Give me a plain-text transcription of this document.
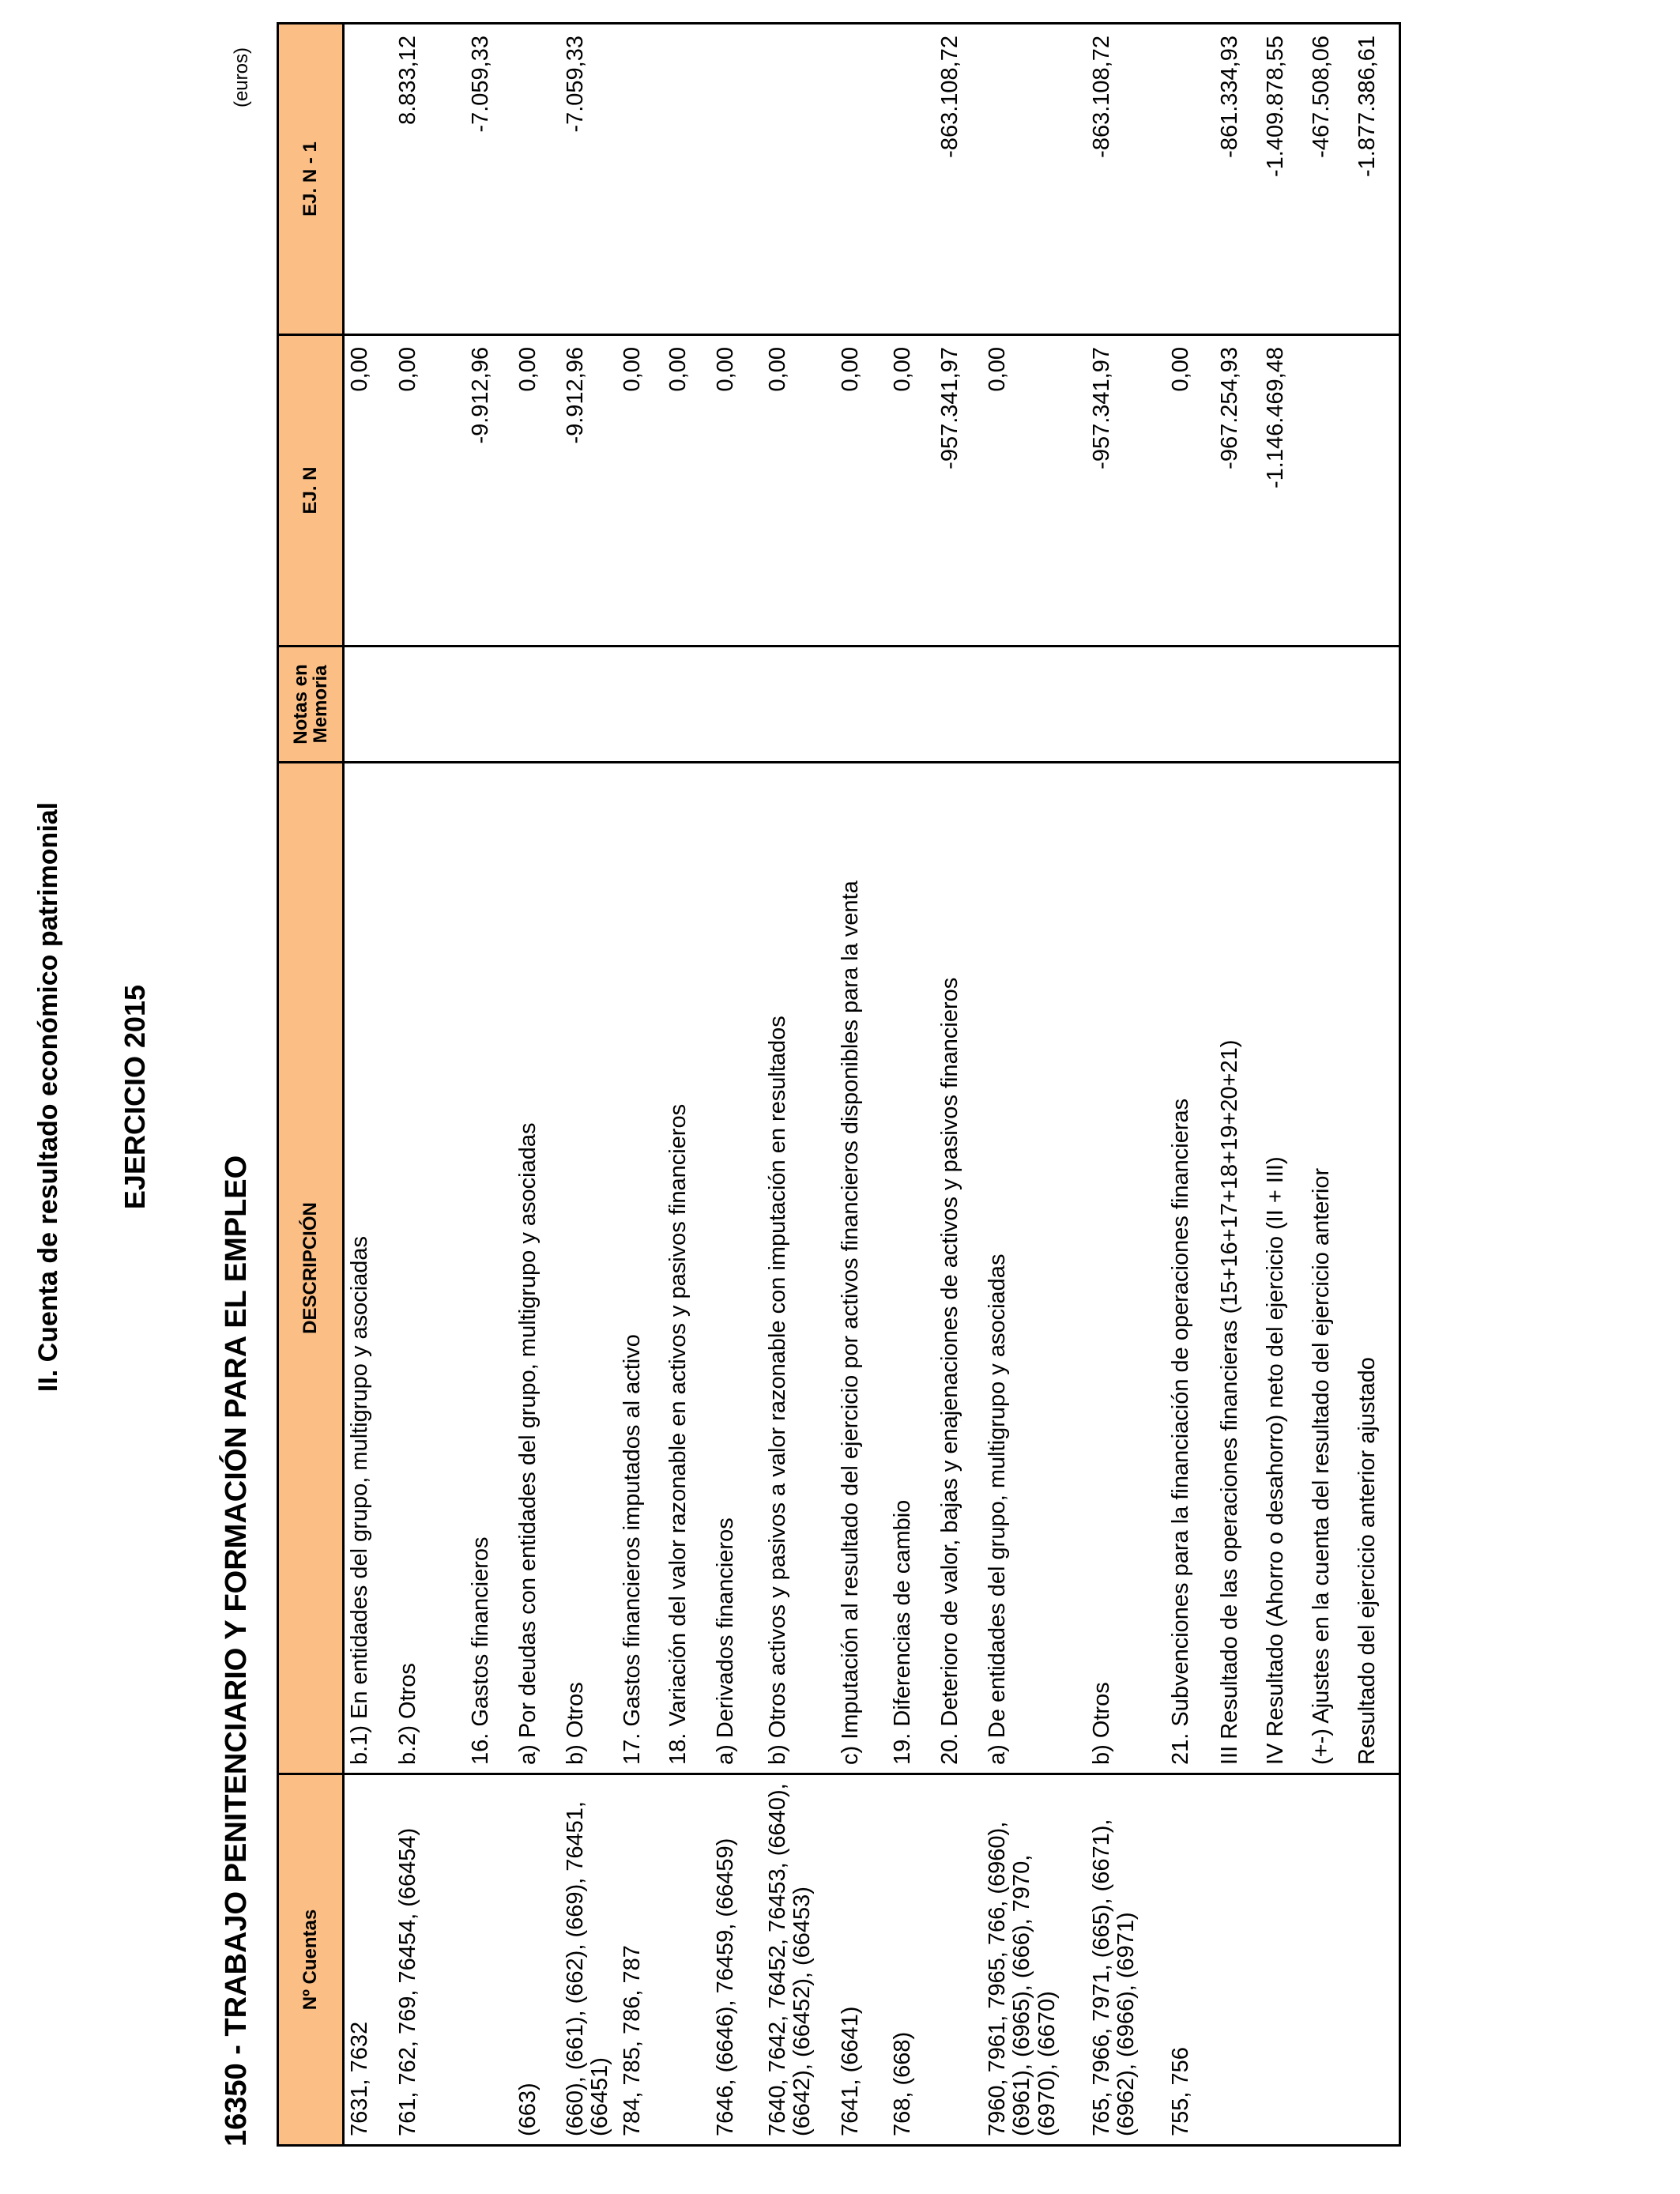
II. Cuenta de resultado económico patrimonial EJERCICIO 2015
16350 - TRABAJO PENITENCIARIO Y FORMACIÓN PARA EL EMPLEO
(euros)
Nº Cuentas	DESCRIPCIÓN	Notas en Memoria	EJ. N	EJ. N - 1
7631, 7632	b.1) En entidades del grupo, multigrupo y asociadas		0,00	
761, 762, 769, 76454, (66454)	b.2) Otros		0,00	8.833,12
	16. Gastos financieros		-9.912,96	-7.059,33
(663)	a) Por deudas con entidades del grupo, multigrupo y asociadas		0,00	
(660), (661), (662), (669), 76451, (66451)	b) Otros		-9.912,96	-7.059,33
784, 785, 786, 787	17. Gastos financieros imputados al activo		0,00	
	18. Variación del valor razonable en activos y pasivos financieros		0,00	
7646, (6646), 76459, (66459)	a) Derivados financieros		0,00	
7640, 7642, 76452, 76453, (6640), (6642), (66452), (66453)	b) Otros activos y pasivos a valor razonable con imputación en resultados		0,00	
7641, (6641)	c) Imputación al resultado del ejercicio por activos financieros disponibles para la venta		0,00	
768, (668)	19. Diferencias de cambio		0,00	
	20. Deterioro de valor, bajas y enajenaciones de activos y pasivos financieros		-957.341,97	-863.108,72
7960, 7961, 7965, 766, (6960), (6961), (6965), (666), 7970, (6970), (6670)	a) De entidades del grupo, multigrupo y asociadas		0,00	
765, 7966, 7971, (665), (6671), (6962), (6966), (6971)	b) Otros		-957.341,97	-863.108,72
755, 756	21. Subvenciones para la financiación de operaciones financieras		0,00	
	III Resultado de las operaciones financieras (15+16+17+18+19+20+21)		-967.254,93	-861.334,93
	IV Resultado (Ahorro o desahorro) neto del ejercicio (II + III)		-1.146.469,48	-1.409.878,55
	(+-) Ajustes en la cuenta del resultado del ejercicio anterior			-467.508,06
	Resultado del ejercicio anterior ajustado			-1.877.386,61
